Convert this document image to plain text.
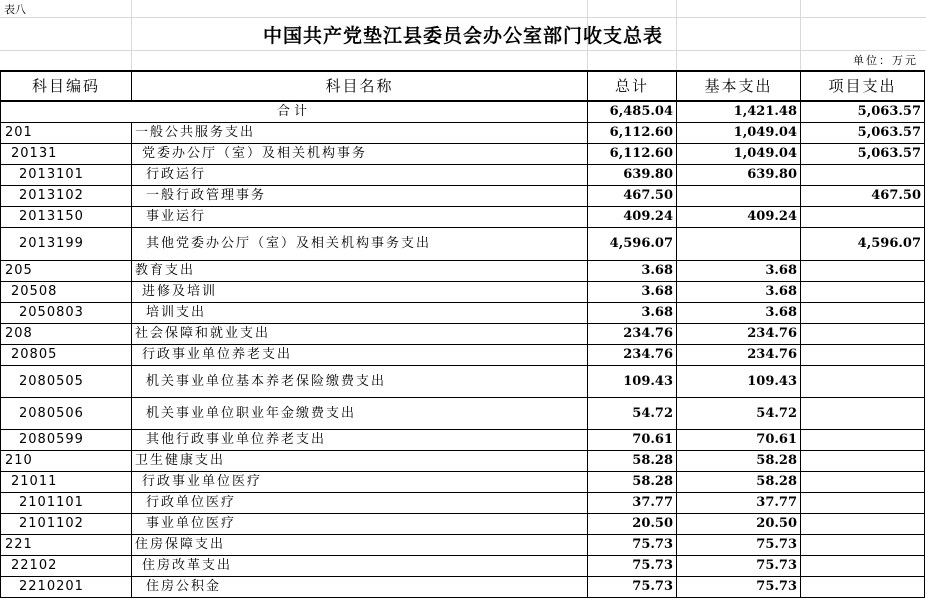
表八
中国共产党垫江县委员会办公室部门收支总表
单位：万元
科目编码	科目名称	总计	基本支出	项目支出
合计		6,485.04	1,421.48	5,063.57
201	一般公共服务支出	6,112.60	1,049.04	5,063.57
20131	党委办公厅（室）及相关机构事务	6,112.60	1,049.04	5,063.57
2013101	行政运行	639.80	639.80	
2013102	一般行政管理事务	467.50		467.50
2013150	事业运行	409.24	409.24	
2013199	其他党委办公厅（室）及相关机构事务支出	4,596.07		4,596.07
205	教育支出	3.68	3.68	
20508	进修及培训	3.68	3.68	
2050803	培训支出	3.68	3.68	
208	社会保障和就业支出	234.76	234.76	
20805	行政事业单位养老支出	234.76	234.76	
2080505	机关事业单位基本养老保险缴费支出	109.43	109.43	
2080506	机关事业单位职业年金缴费支出	54.72	54.72	
2080599	其他行政事业单位养老支出	70.61	70.61	
210	卫生健康支出	58.28	58.28	
21011	行政事业单位医疗	58.28	58.28	
2101101	行政单位医疗	37.77	37.77	
2101102	事业单位医疗	20.50	20.50	
221	住房保障支出	75.73	75.73	
22102	住房改革支出	75.73	75.73	
2210201	住房公积金	75.73	75.73	
